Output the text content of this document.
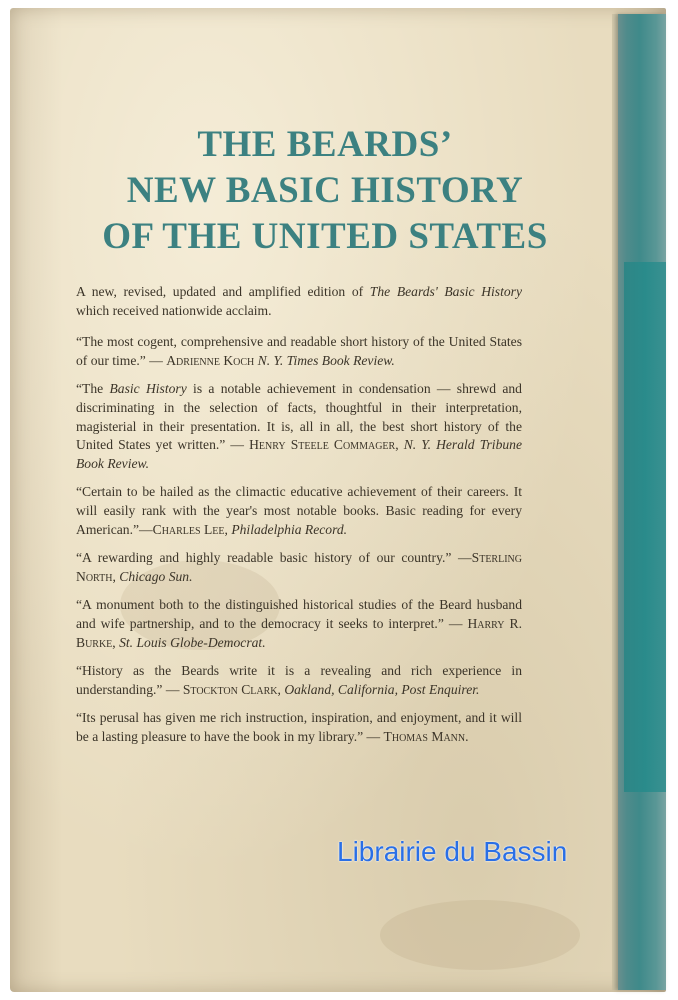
THE BEARDS’
NEW BASIC HISTORY
OF THE UNITED STATES

A new, revised, updated and amplified edition of The Beards' Basic History which received nationwide acclaim.

“The most cogent, comprehensive and readable short history of the United States of our time.” — Adrienne Koch N. Y. Times Book Review.

“The Basic History is a notable achievement in condensation — shrewd and discriminating in the selection of facts, thoughtful in their interpretation, magisterial in their presentation. It is, all in all, the best short history of the United States yet written.” — Henry Steele Commager, N. Y. Herald Tribune Book Review.

“Certain to be hailed as the climactic educative achievement of their careers. It will easily rank with the year's most notable books. Basic reading for every American.”—Charles Lee, Philadelphia Record.

“A rewarding and highly readable basic history of our country.” —Sterling North, Chicago Sun.

“A monument both to the distinguished historical studies of the Beard husband and wife partnership, and to the democracy it seeks to interpret.” — Harry R. Burke, St. Louis Globe-Democrat.

“History as the Beards write it is a revealing and rich experience in understanding.” — Stockton Clark, Oakland, California, Post Enquirer.

“Its perusal has given me rich instruction, inspiration, and enjoyment, and it will be a lasting pleasure to have the book in my library.” — Thomas Mann.

Librairie du Bassin
